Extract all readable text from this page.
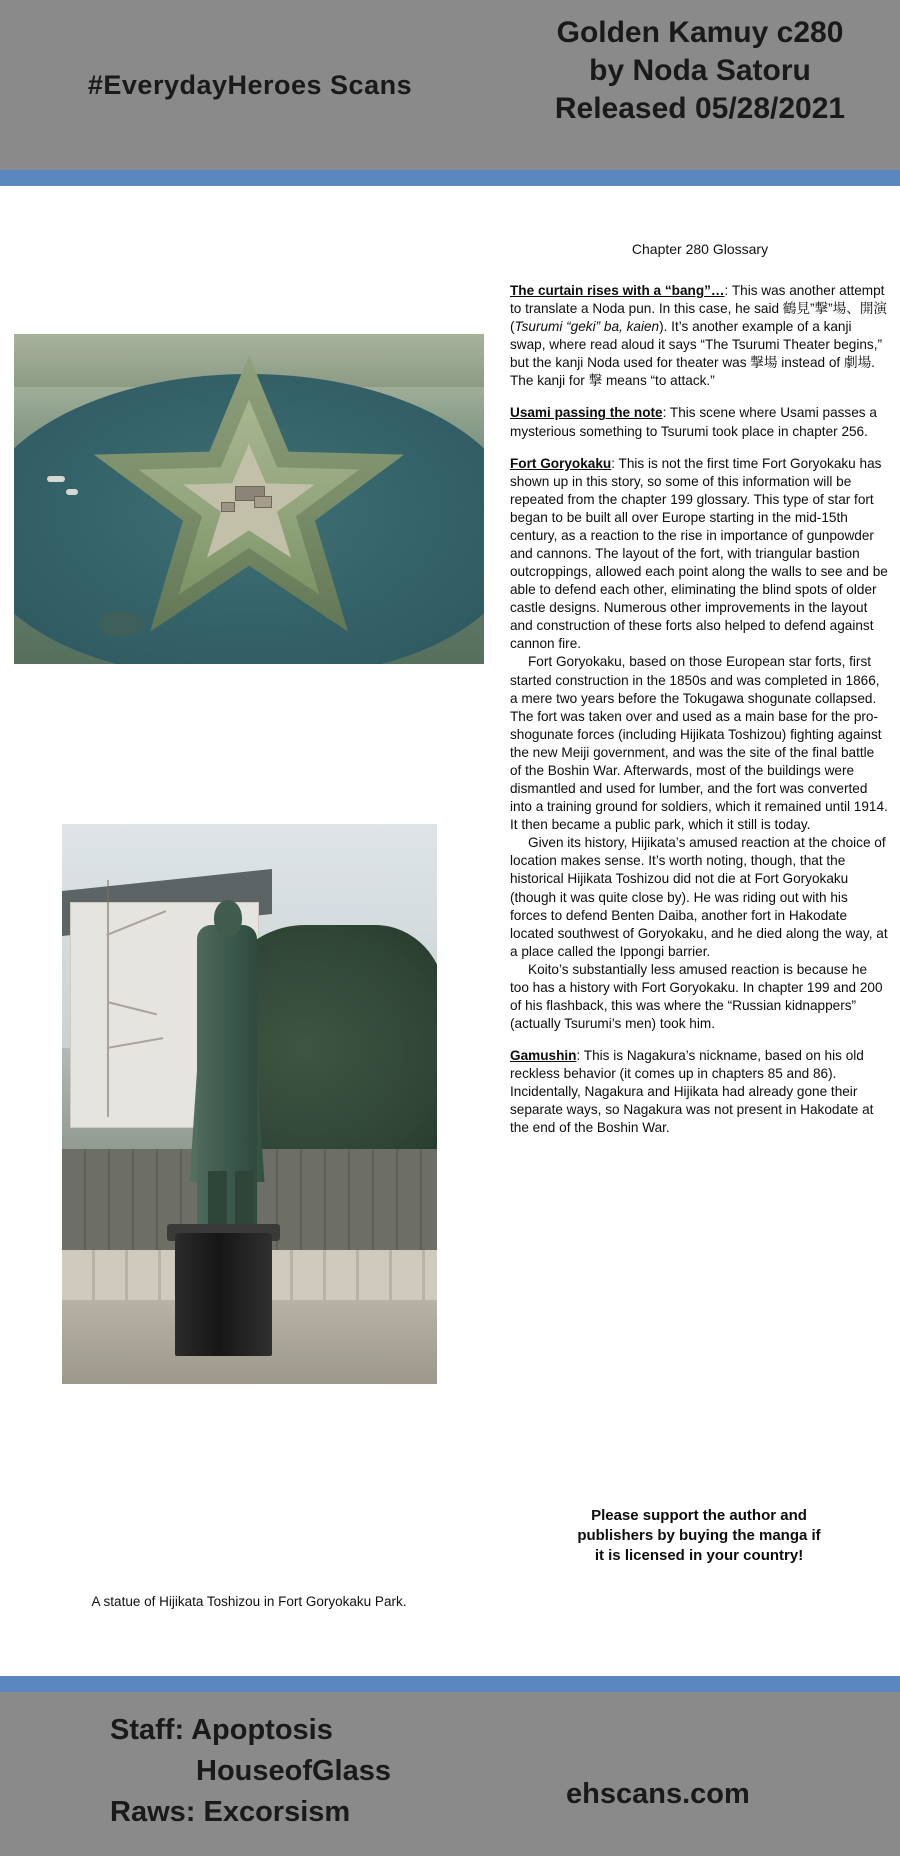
#EverydayHeroes Scans
Golden Kamuy c280
by Noda Satoru
Released 05/28/2021
Chapter 280 Glossary

A statue of Hijikata Toshizou in Fort Goryokaku Park.
The curtain rises with a “bang”…: This was another attempt to translate a Noda pun. In this case, he said 鶴見”撃”場、開演 (Tsurumi “geki” ba, kaien). It’s another example of a kanji swap, where read aloud it says “The Tsurumi Theater begins,” but the kanji Noda used for theater was 撃場 instead of 劇場. The kanji for 撃 means “to attack.”
Usami passing the note: This scene where Usami passes a mysterious something to Tsurumi took place in chapter 256.
Fort Goryokaku: This is not the first time Fort Goryokaku has shown up in this story, so some of this information will be repeated from the chapter 199 glossary. This type of star fort began to be built all over Europe starting in the mid-15th century, as a reaction to the rise in importance of gunpowder and cannons. The layout of the fort, with triangular bastion outcroppings, allowed each point along the walls to see and be able to defend each other, eliminating the blind spots of older castle designs. Numerous other improvements in the layout and construction of these forts also helped to defend against cannon fire.
Fort Goryokaku, based on those European star forts, first started construction in the 1850s and was completed in 1866, a mere two years before the Tokugawa shogunate collapsed. The fort was taken over and used as a main base for the pro-shogunate forces (including Hijikata Toshizou) fighting against the new Meiji government, and was the site of the final battle of the Boshin War. Afterwards, most of the buildings were dismantled and used for lumber, and the fort was converted into a training ground for soldiers, which it remained until 1914. It then became a public park, which it still is today.
Given its history, Hijikata’s amused reaction at the choice of location makes sense. It’s worth noting, though, that the historical Hijikata Toshizou did not die at Fort Goryokaku (though it was quite close by). He was riding out with his forces to defend Benten Daiba, another fort in Hakodate located southwest of Goryokaku, and he died along the way, at a place called the Ippongi barrier.
Koito’s substantially less amused reaction is because he too has a history with Fort Goryokaku. In chapter 199 and 200 of his flashback, this was where the “Russian kidnappers” (actually Tsurumi’s men) took him.
Gamushin: This is Nagakura’s nickname, based on his old reckless behavior (it comes up in chapters 85 and 86). Incidentally, Nagakura and Hijikata had already gone their separate ways, so Nagakura was not present in Hakodate at the end of the Boshin War.
Please support the author and
publishers by buying the manga if
it is licensed in your country!
Staff: Apoptosis
HouseofGlass
Raws: Excorsism
ehscans.com
